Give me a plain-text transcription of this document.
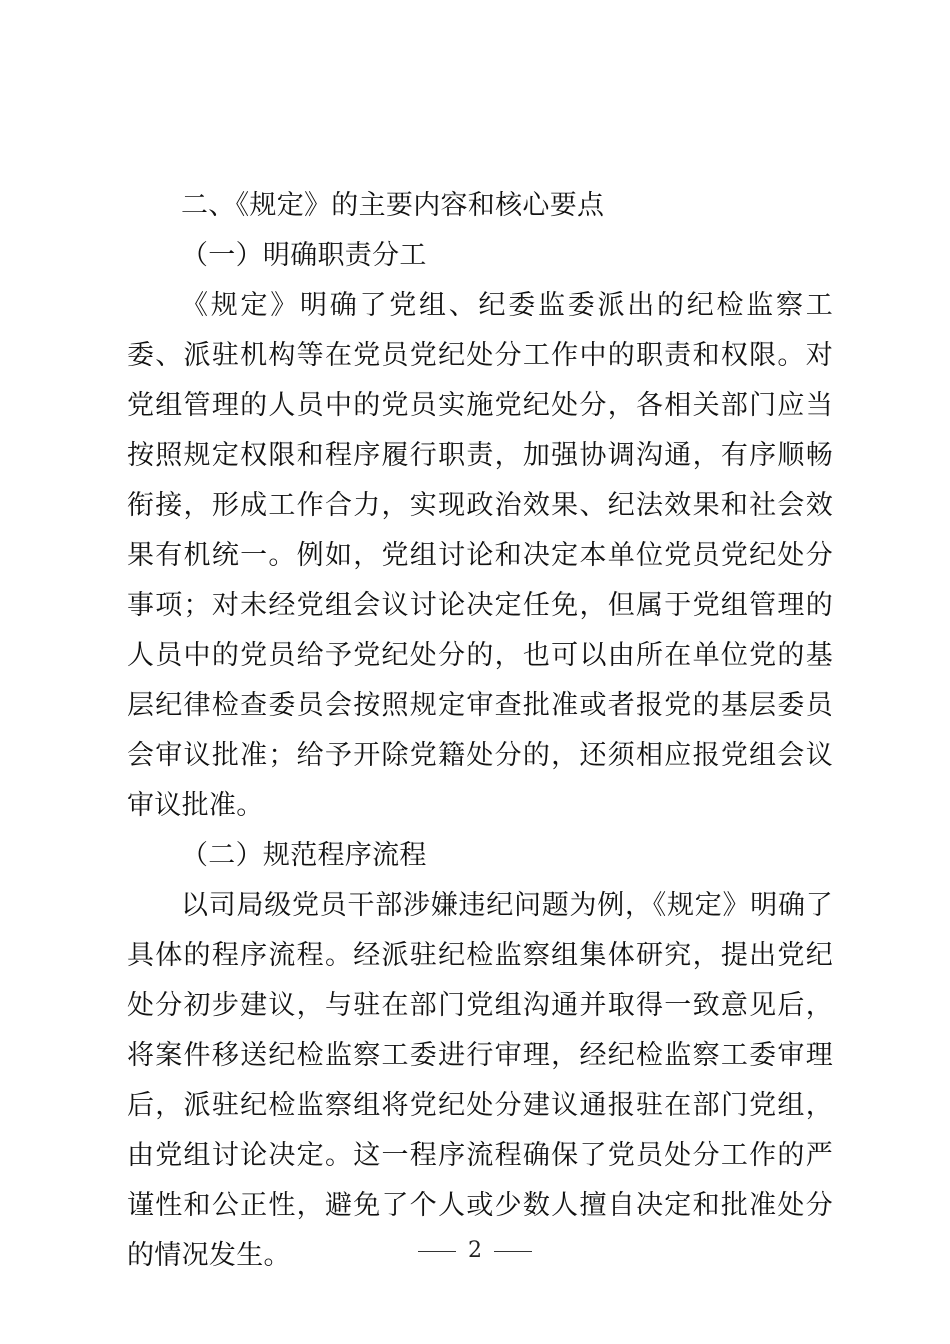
二、《规定》的主要内容和核心要点

（一）明确职责分工

《规定》明确了党组、纪委监委派出的纪检监察工委、派驻机构等在党员党纪处分工作中的职责和权限。对党组管理的人员中的党员实施党纪处分，各相关部门应当按照规定权限和程序履行职责，加强协调沟通，有序顺畅衔接，形成工作合力，实现政治效果、纪法效果和社会效果有机统一。例如，党组讨论和决定本单位党员党纪处分事项；对未经党组会议讨论决定任免，但属于党组管理的人员中的党员给予党纪处分的，也可以由所在单位党的基层纪律检查委员会按照规定审查批准或者报党的基层委员会审议批准；给予开除党籍处分的，还须相应报党组会议审议批准。

（二）规范程序流程

以司局级党员干部涉嫌违纪问题为例，《规定》明确了具体的程序流程。经派驻纪检监察组集体研究，提出党纪处分初步建议，与驻在部门党组沟通并取得一致意见后，将案件移送纪检监察工委进行审理，经纪检监察工委审理后，派驻纪检监察组将党纪处分建议通报驻在部门党组，由党组讨论决定。这一程序流程确保了党员处分工作的严谨性和公正性，避免了个人或少数人擅自决定和批准处分的情况发生。	2
